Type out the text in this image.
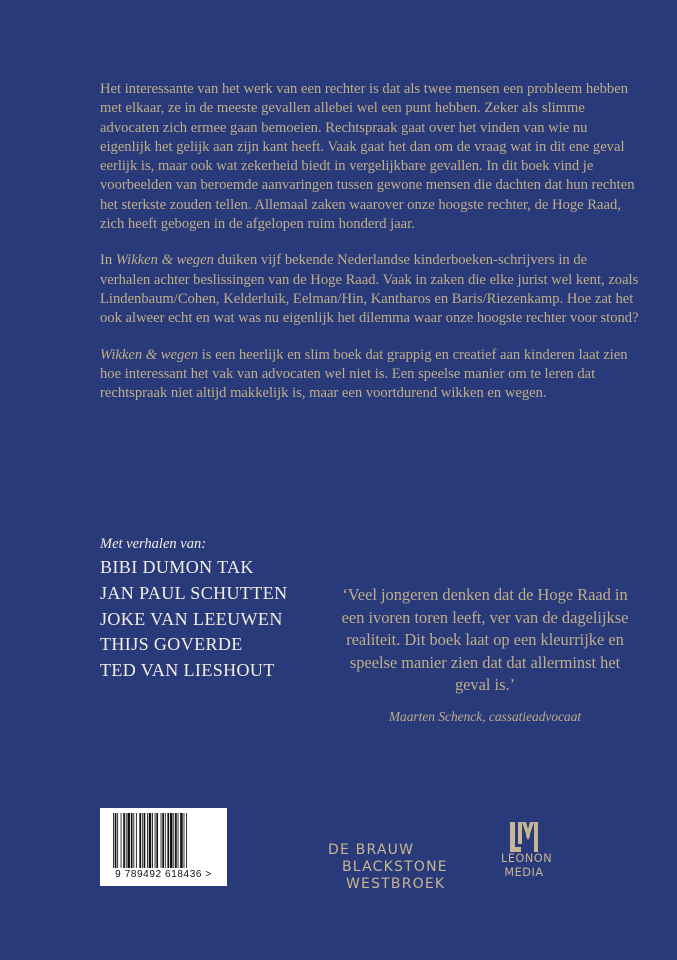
Het interessante van het werk van een rechter is dat als twee mensen een probleem hebben met elkaar, ze in de meeste gevallen allebei wel een punt hebben. Zeker als slimme advocaten zich ermee gaan bemoeien. Rechtspraak gaat over het vinden van wie nu eigenlijk het gelijk aan zijn kant heeft. Vaak gaat het dan om de vraag wat in dit ene geval eerlijk is, maar ook wat zekerheid biedt in vergelijkbare gevallen. In dit boek vind je voorbeelden van beroemde aanvaringen tussen gewone mensen die dachten dat hun rechten het sterkste zouden tellen. Allemaal zaken waarover onze hoogste rechter, de Hoge Raad, zich heeft gebogen in de afgelopen ruim honderd jaar.

In Wikken & wegen duiken vijf bekende Nederlandse kinderboeken-schrijvers in de verhalen achter beslissingen van de Hoge Raad. Vaak in zaken die elke jurist wel kent, zoals Lindenbaum/Cohen, Kelderluik, Eelman/Hin, Kantharos en Baris/Riezenkamp. Hoe zat het ook alweer echt en wat was nu eigenlijk het dilemma waar onze hoogste rechter voor stond?

Wikken & wegen is een heerlijk en slim boek dat grappig en creatief aan kinderen laat zien hoe interessant het vak van advocaten wel niet is. Een speelse manier om te leren dat rechtspraak niet altijd makkelijk is, maar een voortdurend wikken en wegen.

Met verhalen van:
BIBI DUMON TAK
JAN PAUL SCHUTTEN
JOKE VAN LEEUWEN
THIJS GOVERDE
TED VAN LIESHOUT
‘Veel jongeren denken dat de Hoge Raad in een ivoren toren leeft, ver van de dagelijkse realiteit. Dit boek laat op een kleurrijke en speelse manier zien dat dat allerminst het geval is.’
Maarten Schenck, cassatieadvocaat
9 789492 618436 >
DE BRAUW
BLACKSTONE
WESTBROEK
LEONON
MEDIA
